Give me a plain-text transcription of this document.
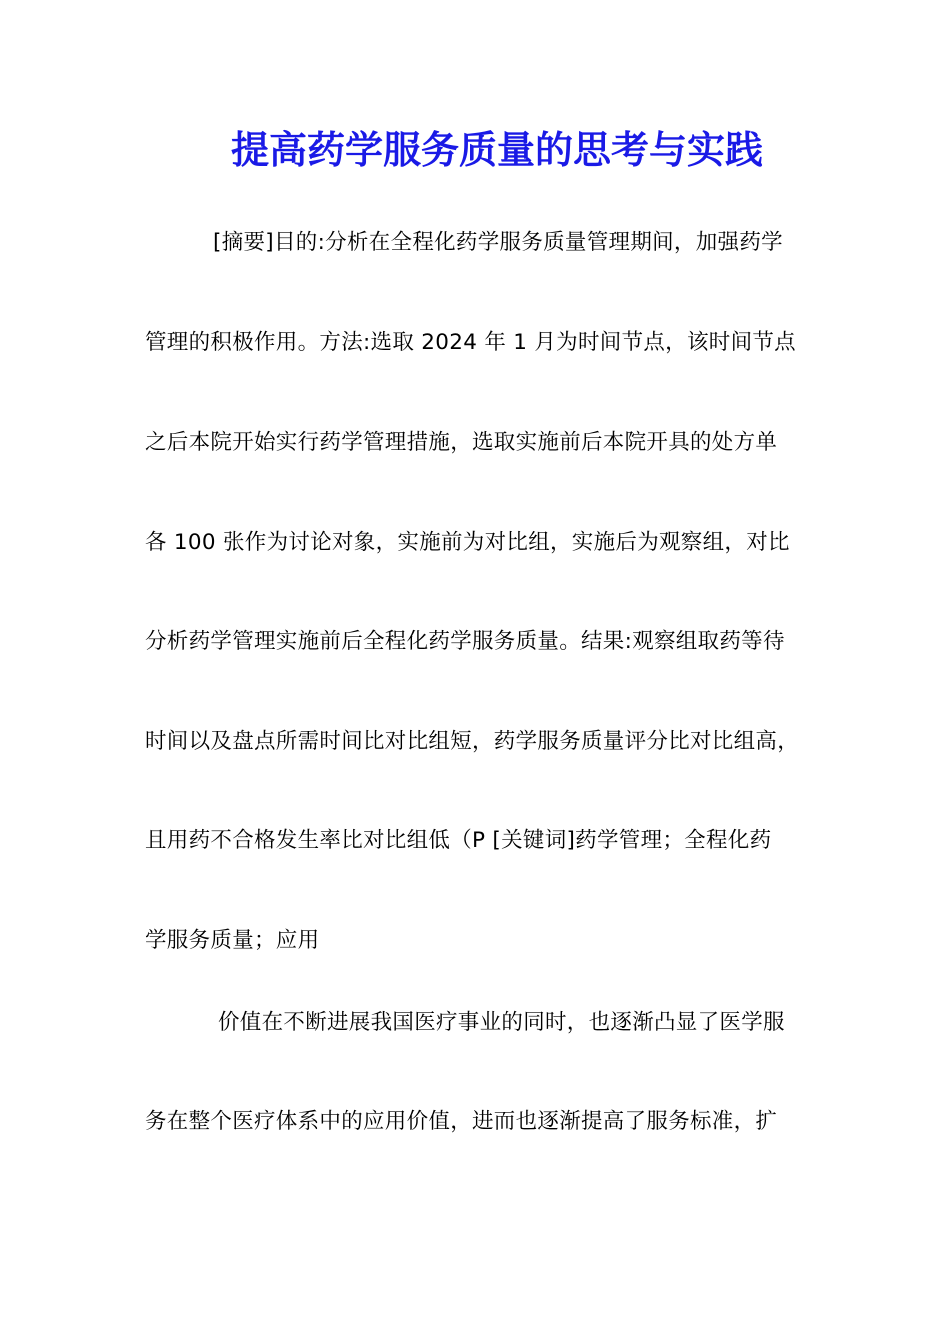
提高药学服务质量的思考与实践
[摘要]目的:分析在全程化药学服务质量管理期间，加强药学
管理的积极作用。方法:选取 2024 年 1 月为时间节点，该时间节点
之后本院开始实行药学管理措施，选取实施前后本院开具的处方单
各 100 张作为讨论对象，实施前为对比组，实施后为观察组，对比
分析药学管理实施前后全程化药学服务质量。结果:观察组取药等待
时间以及盘点所需时间比对比组短，药学服务质量评分比对比组高，
且用药不合格发生率比对比组低（P [关键词]药学管理；全程化药
学服务质量；应用
价值在不断进展我国医疗事业的同时，也逐渐凸显了医学服
务在整个医疗体系中的应用价值，进而也逐渐提高了服务标准，扩
